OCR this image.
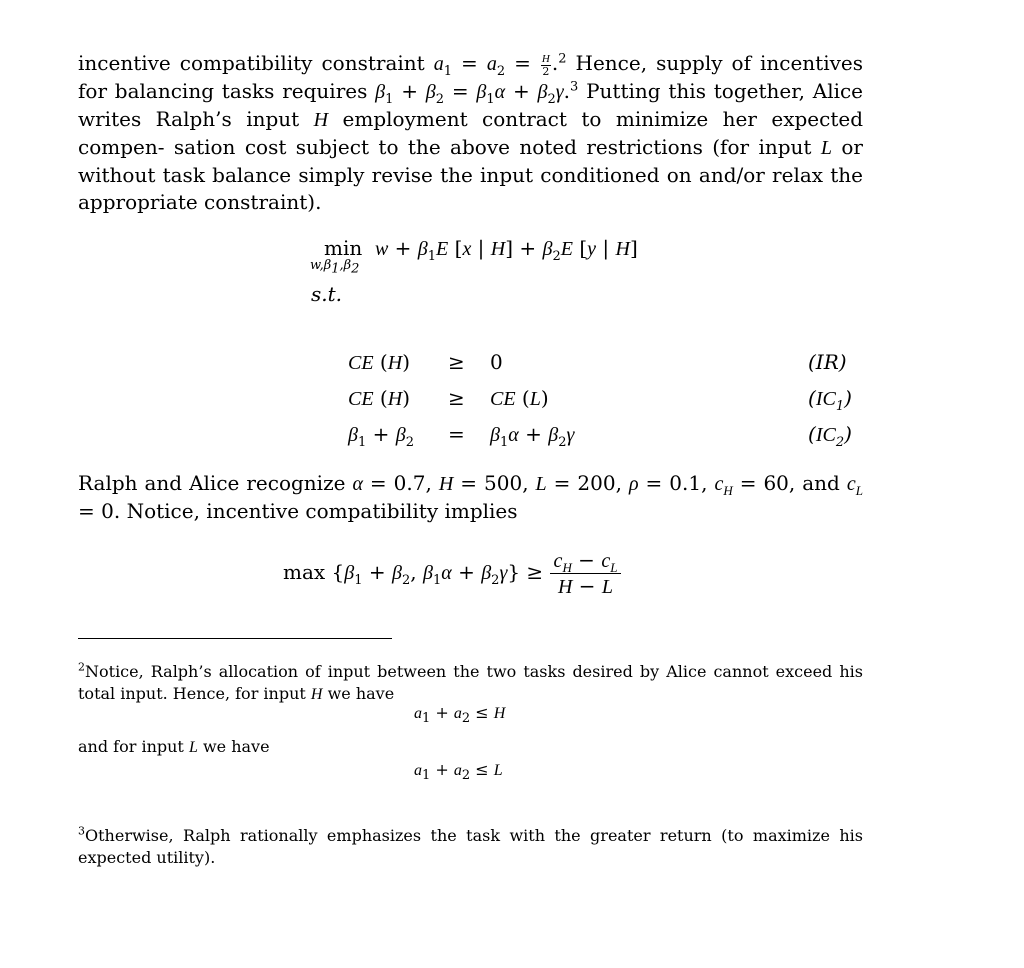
incentive compatibility constraint $a_1 = a_2 = \frac{H}{2} .^2$ Hence, supply of incentives for balancing tasks requires $\beta_1 + \beta_2 = \beta_1\alpha + \beta_2\gamma.^3$ Putting this together, Alice writes Ralph’s input H employment contract to minimize her expected compen- sation cost subject to the above noted restrictions (for input L or without task balance simply revise the input conditioned on and/or relax the appropriate constraint).

min
$w,\beta_1,\beta_2$
$w + \beta_1E$ [x | $H] + \beta_2E$ [y | H]
s.t.
CE (H) ≥ 0
CE (H) ≥ CE (L)
$\beta_1 + \beta_2 = \beta_1\alpha + \beta_2\gamma$
(IR)
$(IC_1)$
$(IC_2)$

Ralph and Alice recognize α = 0.7, H = 500, L = 200, ρ = 0.1, $c_H = 60$, and $c_L = 0$. Notice, incentive compatibility implies

$\max \{\beta_1 + \beta_2$, $\beta_1\alpha + \beta_2\gamma\} \ge \frac{c_H - c_L}{H - L}$

$^2$Notice, Ralph’s allocation of input between the two tasks desired by Alice cannot exceed his total input. Hence, for input H we have

$a_1 + a_2 \le H$
and for input L we have
$a_1 + a_2 \le L$

$^3$Otherwise, Ralph rationally emphasizes the task with the greater return (to maximize his expected utility).
